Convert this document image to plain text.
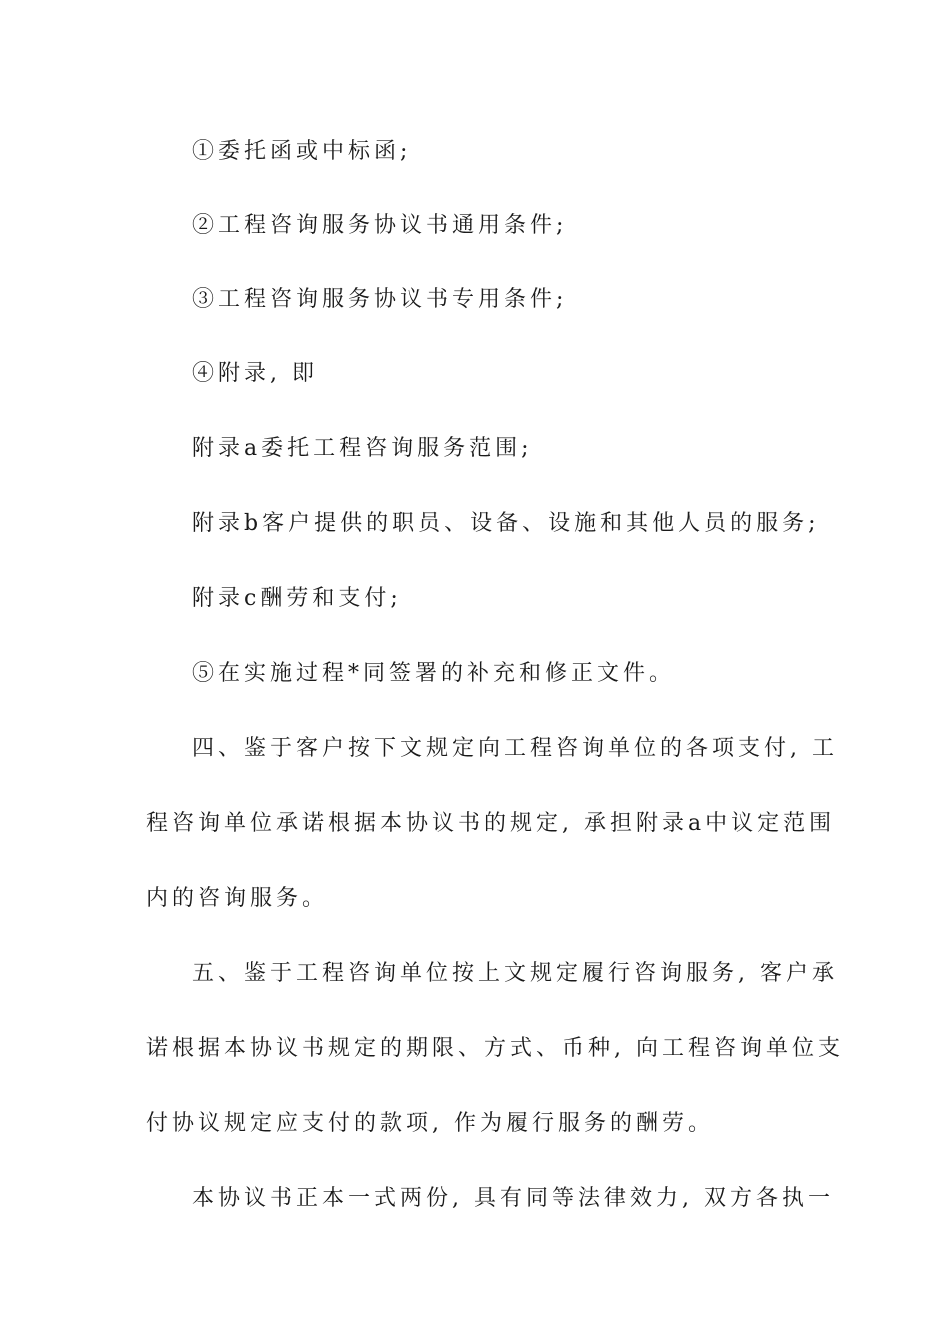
①委托函或中标函;
②工程咨询服务协议书通用条件;
③工程咨询服务协议书专用条件;
④附录, 即
附录a委托工程咨询服务范围;
附录b客户提供的职员、设备、设施和其他人员的服务;
附录c酬劳和支付;
⑤在实施过程*同签署的补充和修正文件。
四、鉴于客户按下文规定向工程咨询单位的各项支付, 工
程咨询单位承诺根据本协议书的规定, 承担附录a中议定范围
内的咨询服务。
五、鉴于工程咨询单位按上文规定履行咨询服务, 客户承
诺根据本协议书规定的期限、方式、币种, 向工程咨询单位支
付协议规定应支付的款项, 作为履行服务的酬劳。
本协议书正本一式两份, 具有同等法律效力, 双方各执一
